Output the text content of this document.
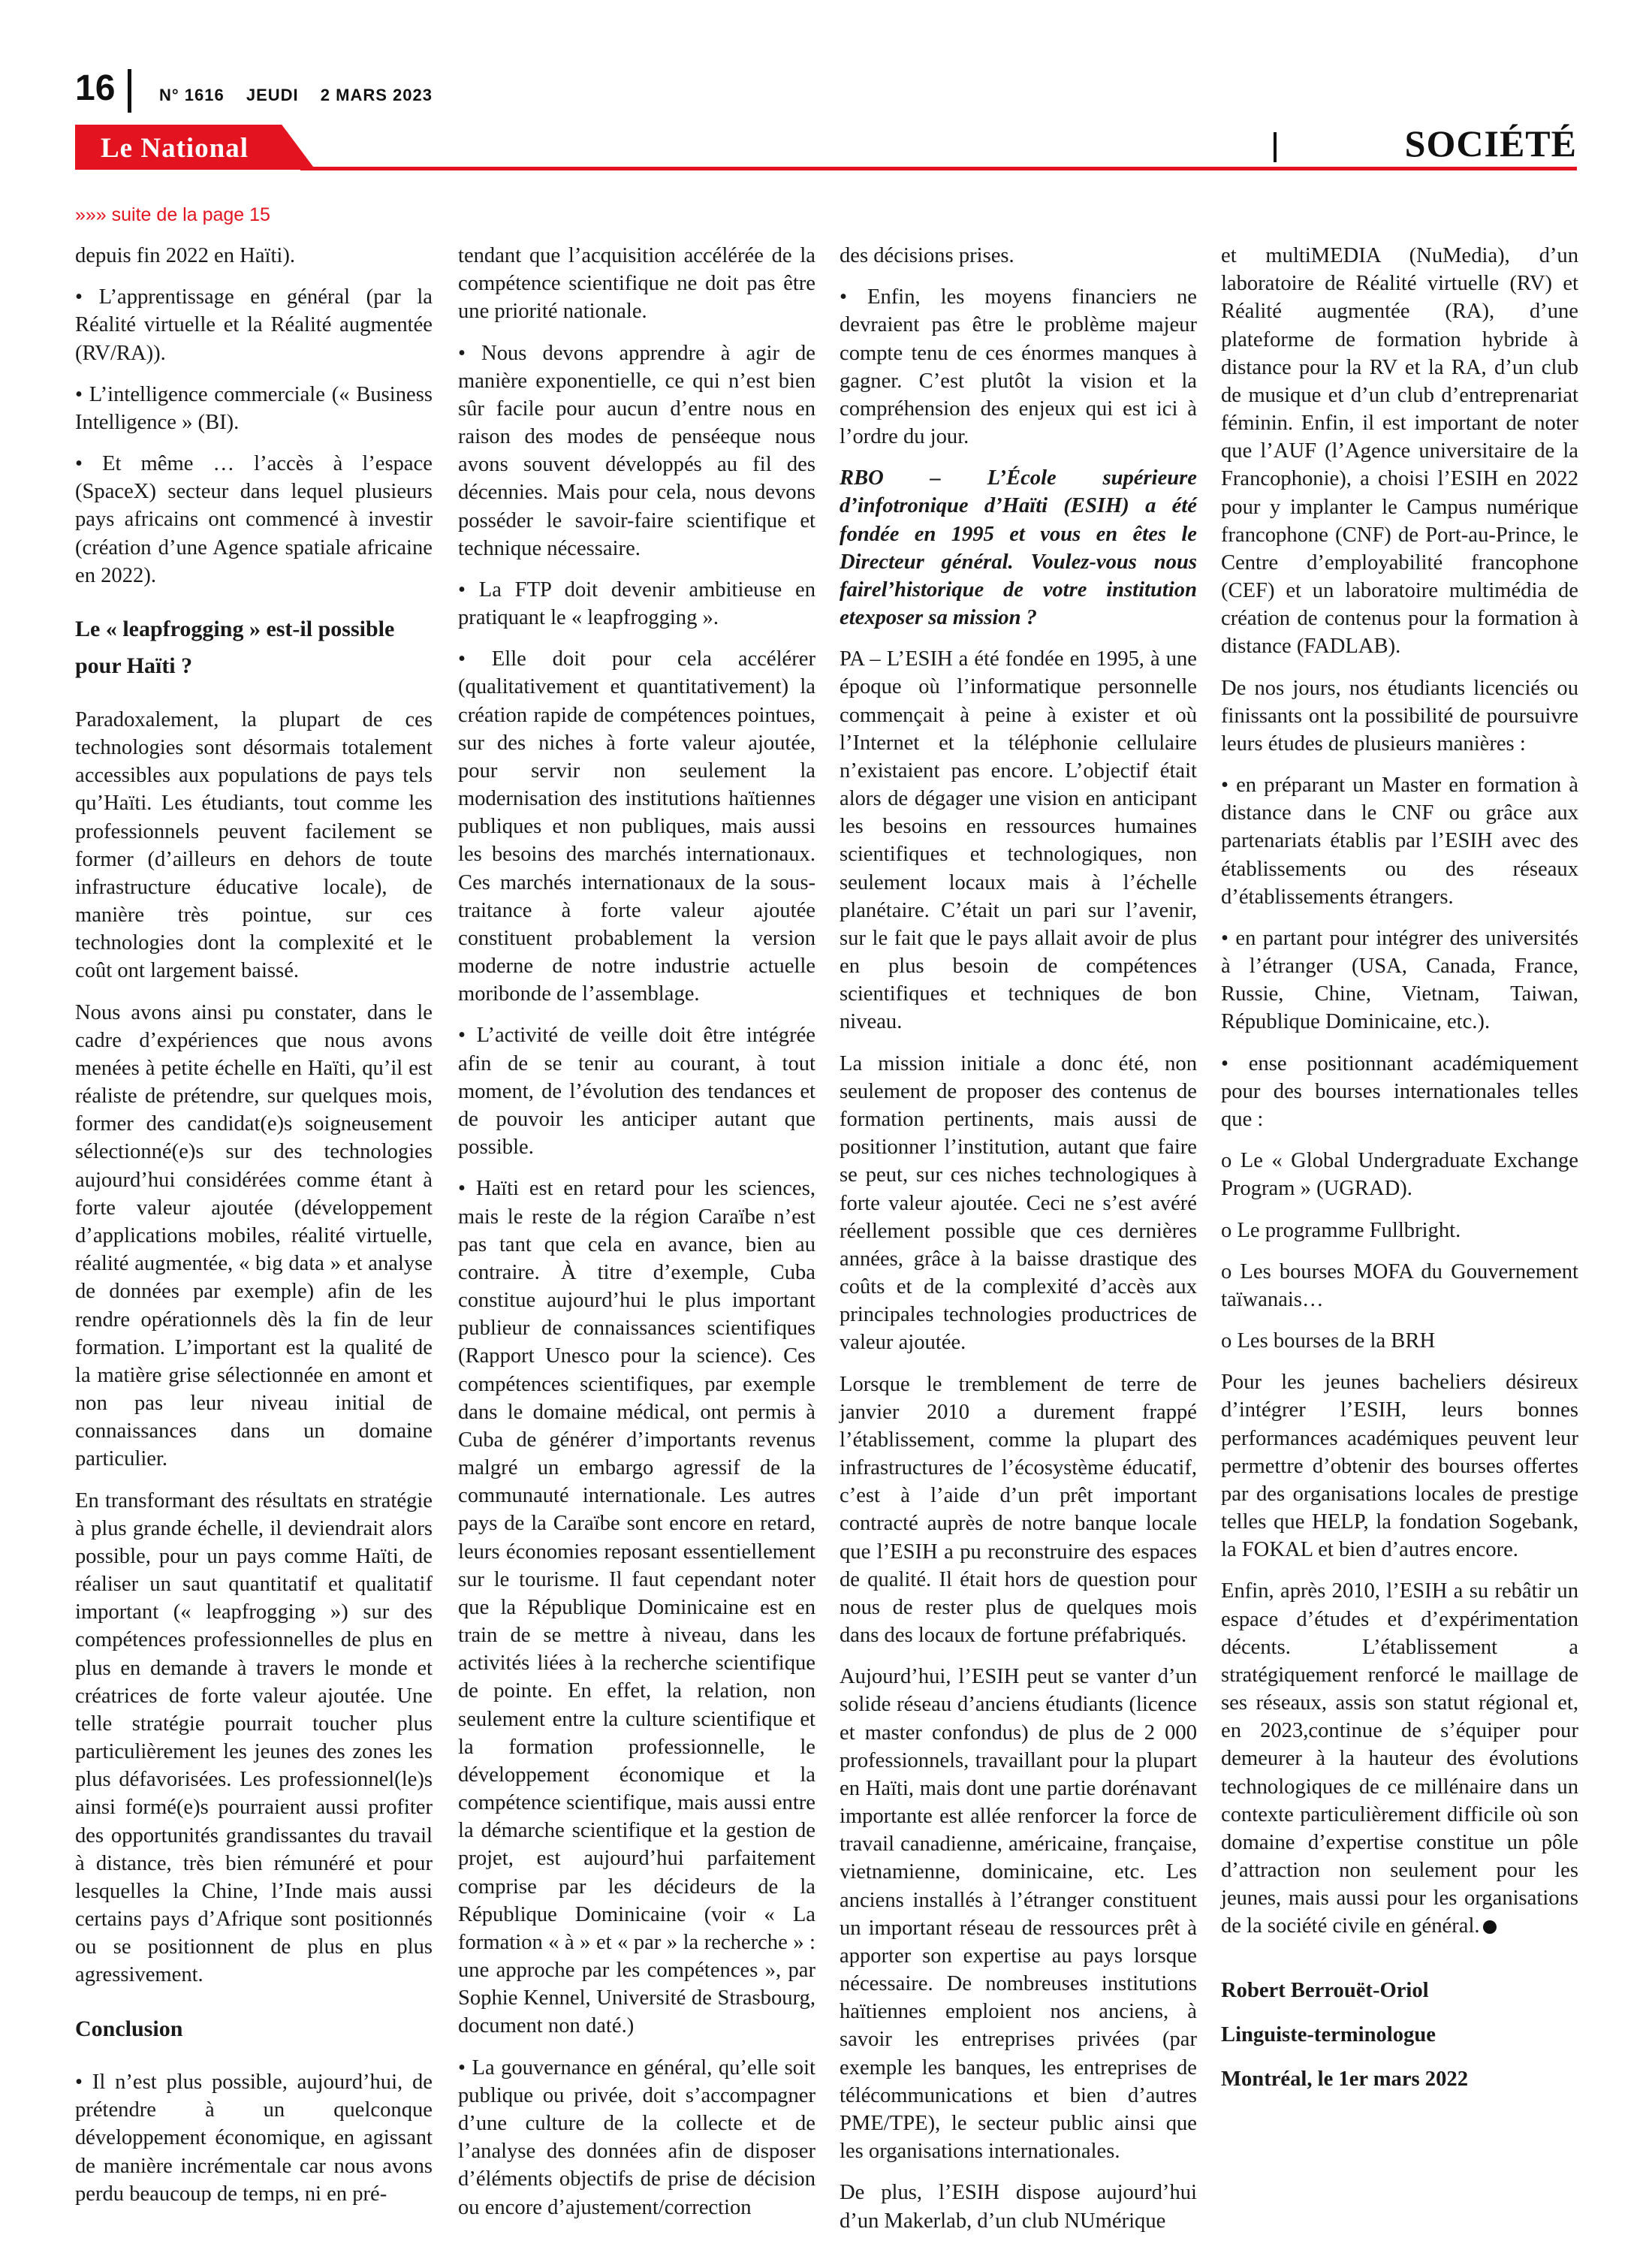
16	N° 1616 JEUDI 2 MARS 2023
Le National	SOCIÉTÉ
»»» suite de la page 15

depuis fin 2022 en Haïti).

• L’apprentissage en général (par la Réalité virtuelle et la Réalité augmentée (RV/RA)).

• L’intelligence commerciale (« Business Intelligence » (BI).

• Et même … l’accès à l’espace (SpaceX) secteur dans lequel plusieurs pays africains ont commencé à investir (création d’une Agence spatiale africaine en 2022).

Le « leapfrogging » est-il possible pour Haïti ?

Paradoxalement, la plupart de ces technologies sont désormais totalement accessibles aux populations de pays tels qu’Haïti. Les étudiants, tout comme les professionnels peuvent facilement se former (d’ailleurs en dehors de toute infrastructure éducative locale), de manière très pointue, sur ces technologies dont la complexité et le coût ont largement baissé.

Nous avons ainsi pu constater, dans le cadre d’expériences que nous avons menées à petite échelle en Haïti, qu’il est réaliste de prétendre, sur quelques mois, former des candidat(e)s soigneusement sélectionné(e)s sur des technologies aujourd’hui considérées comme étant à forte valeur ajoutée (développement d’applications mobiles, réalité virtuelle, réalité augmentée, « big data » et analyse de données par exemple) afin de les rendre opérationnels dès la fin de leur formation. L’important est la qualité de la matière grise sélectionnée en amont et non pas leur niveau initial de connaissances dans un domaine particulier.

En transformant des résultats en stratégie à plus grande échelle, il deviendrait alors possible, pour un pays comme Haïti, de réaliser un saut quantitatif et qualitatif important (« leapfrogging ») sur des compétences professionnelles de plus en plus en demande à travers le monde et créatrices de forte valeur ajoutée. Une telle stratégie pourrait toucher plus particulièrement les jeunes des zones les plus défavorisées. Les professionnel(le)s ainsi formé(e)s pourraient aussi profiter des opportunités grandissantes du travail à distance, très bien rémunéré et pour lesquelles la Chine, l’Inde mais aussi certains pays d’Afrique sont positionnés ou se positionnent de plus en plus agressivement.

Conclusion

• Il n’est plus possible, aujourd’hui, de prétendre à un quelconque développement économique, en agissant de manière incrémentale car nous avons perdu beaucoup de temps, ni en pré-

tendant que l’acquisition accélérée de la compétence scientifique ne doit pas être une priorité nationale.

• Nous devons apprendre à agir de manière exponentielle, ce qui n’est bien sûr facile pour aucun d’entre nous en raison des modes de penséeque nous avons souvent développés au fil des décennies. Mais pour cela, nous devons posséder le savoir-faire scientifique et technique nécessaire.

• La FTP doit devenir ambitieuse en pratiquant le « leapfrogging ».

• Elle doit pour cela accélérer (qualitativement et quantitativement) la création rapide de compétences pointues, sur des niches à forte valeur ajoutée, pour servir non seulement la modernisation des institutions haïtiennes publiques et non publiques, mais aussi les besoins des marchés internationaux. Ces marchés internationaux de la sous-traitance à forte valeur ajoutée constituent probablement la version moderne de notre industrie actuelle moribonde de l’assemblage.

• L’activité de veille doit être intégrée afin de se tenir au courant, à tout moment, de l’évolution des tendances et de pouvoir les anticiper autant que possible.

• Haïti est en retard pour les sciences, mais le reste de la région Caraïbe n’est pas tant que cela en avance, bien au contraire. À titre d’exemple, Cuba constitue aujourd’hui le plus important publieur de connaissances scientifiques (Rapport Unesco pour la science). Ces compétences scientifiques, par exemple dans le domaine médical, ont permis à Cuba de générer d’importants revenus malgré un embargo agressif de la communauté internationale. Les autres pays de la Caraïbe sont encore en retard, leurs économies reposant essentiellement sur le tourisme. Il faut cependant noter que la République Dominicaine est en train de se mettre à niveau, dans les activités liées à la recherche scientifique de pointe. En effet, la relation, non seulement entre la culture scientifique et la formation professionnelle, le développement économique et la compétence scientifique, mais aussi entre la démarche scientifique et la gestion de projet, est aujourd’hui parfaitement comprise par les décideurs de la République Dominicaine (voir « La formation « à » et « par » la recherche » : une approche par les compétences », par Sophie Kennel, Université de Strasbourg, document non daté.)

• La gouvernance en général, qu’elle soit publique ou privée, doit s’accompagner d’une culture de la collecte et de l’analyse des données afin de disposer d’éléments objectifs de prise de décision ou encore d’ajustement/correction

des décisions prises.

• Enfin, les moyens financiers ne devraient pas être le problème majeur compte tenu de ces énormes manques à gagner. C’est plutôt la vision et la compréhension des enjeux qui est ici à l’ordre du jour.

RBO – L’École supérieure d’infotronique d’Haïti (ESIH) a été fondée en 1995 et vous en êtes le Directeur général. Voulez-vous nous fairel’historique de votre institution etexposer sa mission ?

PA – L’ESIH a été fondée en 1995, à une époque où l’informatique personnelle commençait à peine à exister et où l’Internet et la téléphonie cellulaire n’existaient pas encore. L’objectif était alors de dégager une vision en anticipant les besoins en ressources humaines scientifiques et technologiques, non seulement locaux mais à l’échelle planétaire. C’était un pari sur l’avenir, sur le fait que le pays allait avoir de plus en plus besoin de compétences scientifiques et techniques de bon niveau.

La mission initiale a donc été, non seulement de proposer des contenus de formation pertinents, mais aussi de positionner l’institution, autant que faire se peut, sur ces niches technologiques à forte valeur ajoutée. Ceci ne s’est avéré réellement possible que ces dernières années, grâce à la baisse drastique des coûts et de la complexité d’accès aux principales technologies productrices de valeur ajoutée.

Lorsque le tremblement de terre de janvier 2010 a durement frappé l’établissement, comme la plupart des infrastructures de l’écosystème éducatif, c’est à l’aide d’un prêt important contracté auprès de notre banque locale que l’ESIH a pu reconstruire des espaces de qualité. Il était hors de question pour nous de rester plus de quelques mois dans des locaux de fortune préfabriqués.

Aujourd’hui, l’ESIH peut se vanter d’un solide réseau d’anciens étudiants (licence et master confondus) de plus de 2 000 professionnels, travaillant pour la plupart en Haïti, mais dont une partie dorénavant importante est allée renforcer la force de travail canadienne, américaine, française, vietnamienne, dominicaine, etc. Les anciens installés à l’étranger constituent un important réseau de ressources prêt à apporter son expertise au pays lorsque nécessaire. De nombreuses institutions haïtiennes emploient nos anciens, à savoir les entreprises privées (par exemple les banques, les entreprises de télécommunications et bien d’autres PME/TPE), le secteur public ainsi que les organisations internationales.

De plus, l’ESIH dispose aujourd’hui d’un Makerlab, d’un club NUmérique

et multiMEDIA (NuMedia), d’un laboratoire de Réalité virtuelle (RV) et Réalité augmentée (RA), d’une plateforme de formation hybride à distance pour la RV et la RA, d’un club de musique et d’un club d’entreprenariat féminin. Enfin, il est important de noter que l’AUF (l’Agence universitaire de la Francophonie), a choisi l’ESIH en 2022 pour y implanter le Campus numérique francophone (CNF) de Port-au-Prince, le Centre d’employabilité francophone (CEF) et un laboratoire multimédia de création de contenus pour la formation à distance (FADLAB).

De nos jours, nos étudiants licenciés ou finissants ont la possibilité de poursuivre leurs études de plusieurs manières :

• en préparant un Master en formation à distance dans le CNF ou grâce aux partenariats établis par l’ESIH avec des établissements ou des réseaux d’établissements étrangers.

• en partant pour intégrer des universités à l’étranger (USA, Canada, France, Russie, Chine, Vietnam, Taiwan, République Dominicaine, etc.).

• ense positionnant académiquement pour des bourses internationales telles que :

o Le « Global Undergraduate Exchange Program » (UGRAD).

o Le programme Fullbright.

o Les bourses MOFA du Gouvernement taïwanais…

o Les bourses de la BRH

Pour les jeunes bacheliers désireux d’intégrer l’ESIH, leurs bonnes performances académiques peuvent leur permettre d’obtenir des bourses offertes par des organisations locales de prestige telles que HELP, la fondation Sogebank, la FOKAL et bien d’autres encore.

Enfin, après 2010, l’ESIH a su rebâtir un espace d’études et d’expérimentation décents. L’établissement a stratégiquement renforcé le maillage de ses réseaux, assis son statut régional et, en 2023,continue de s’équiper pour demeurer à la hauteur des évolutions technologiques de ce millénaire dans un contexte particulièrement difficile où son domaine d’expertise constitue un pôle d’attraction non seulement pour les jeunes, mais aussi pour les organisations de la société civile en général.

Robert Berrouët-Oriol

Linguiste-terminologue

Montréal, le 1er mars 2022
